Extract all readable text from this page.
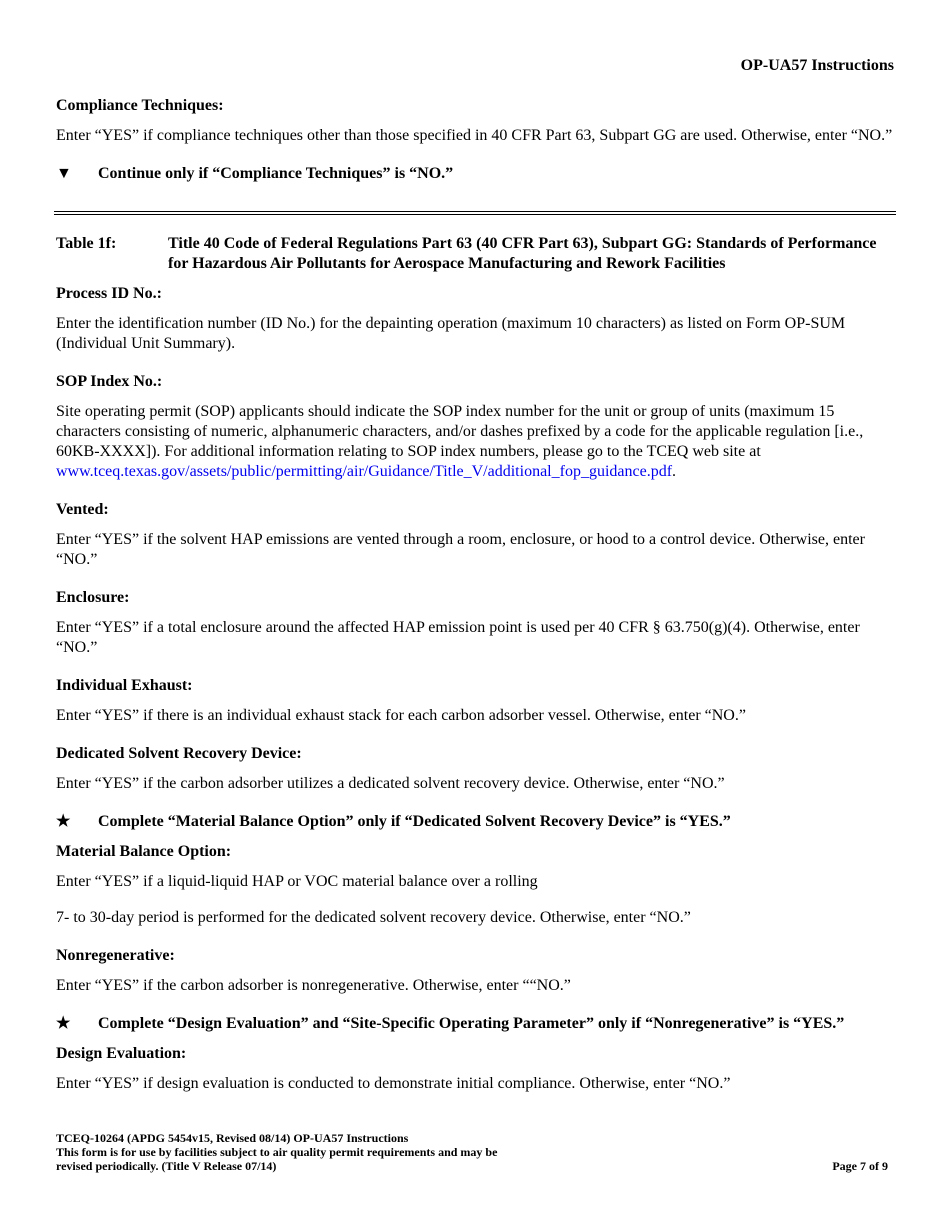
OP-UA57 Instructions
Compliance Techniques:
Enter “YES” if compliance techniques other than those specified in 40 CFR Part 63, Subpart GG are used. Otherwise, enter “NO.”
▼	Continue only if “Compliance Techniques” is “NO.”
Table 1f:	Title 40 Code of Federal Regulations Part 63 (40 CFR Part 63), Subpart GG: Standards of Performance for Hazardous Air Pollutants for Aerospace Manufacturing and Rework Facilities
Process ID No.:
Enter the identification number (ID No.) for the depainting operation (maximum 10 characters) as listed on Form OP-SUM (Individual Unit Summary).
SOP Index No.:
Site operating permit (SOP) applicants should indicate the SOP index number for the unit or group of units (maximum 15 characters consisting of numeric, alphanumeric characters, and/or dashes prefixed by a code for the applicable regulation [i.e., 60KB-XXXX]). For additional information relating to SOP index numbers, please go to the TCEQ web site at www.tceq.texas.gov/assets/public/permitting/air/Guidance/Title_V/additional_fop_guidance.pdf.
Vented:
Enter “YES” if the solvent HAP emissions are vented through a room, enclosure, or hood to a control device. Otherwise, enter “NO.”
Enclosure:
Enter “YES” if a total enclosure around the affected HAP emission point is used per 40 CFR § 63.750(g)(4). Otherwise, enter “NO.”
Individual Exhaust:
Enter “YES” if there is an individual exhaust stack for each carbon adsorber vessel. Otherwise, enter “NO.”
Dedicated Solvent Recovery Device:
Enter “YES” if the carbon adsorber utilizes a dedicated solvent recovery device. Otherwise, enter “NO.”
★	Complete “Material Balance Option” only if “Dedicated Solvent Recovery Device” is “YES.”
Material Balance Option:
Enter “YES” if a liquid-liquid HAP or VOC material balance over a rolling
7- to 30-day period is performed for the dedicated solvent recovery device. Otherwise, enter “NO.”
Nonregenerative:
Enter “YES” if the carbon adsorber is nonregenerative. Otherwise, enter ““NO.”
★	Complete “Design Evaluation” and “Site-Specific Operating Parameter” only if “Nonregenerative” is “YES.”
Design Evaluation:
Enter “YES” if design evaluation is conducted to demonstrate initial compliance. Otherwise, enter “NO.”
TCEQ-10264 (APDG 5454v15, Revised 08/14) OP-UA57 Instructions
This form is for use by facilities subject to air quality permit requirements and may be
revised periodically. (Title V Release 07/14)	Page 7 of 9
